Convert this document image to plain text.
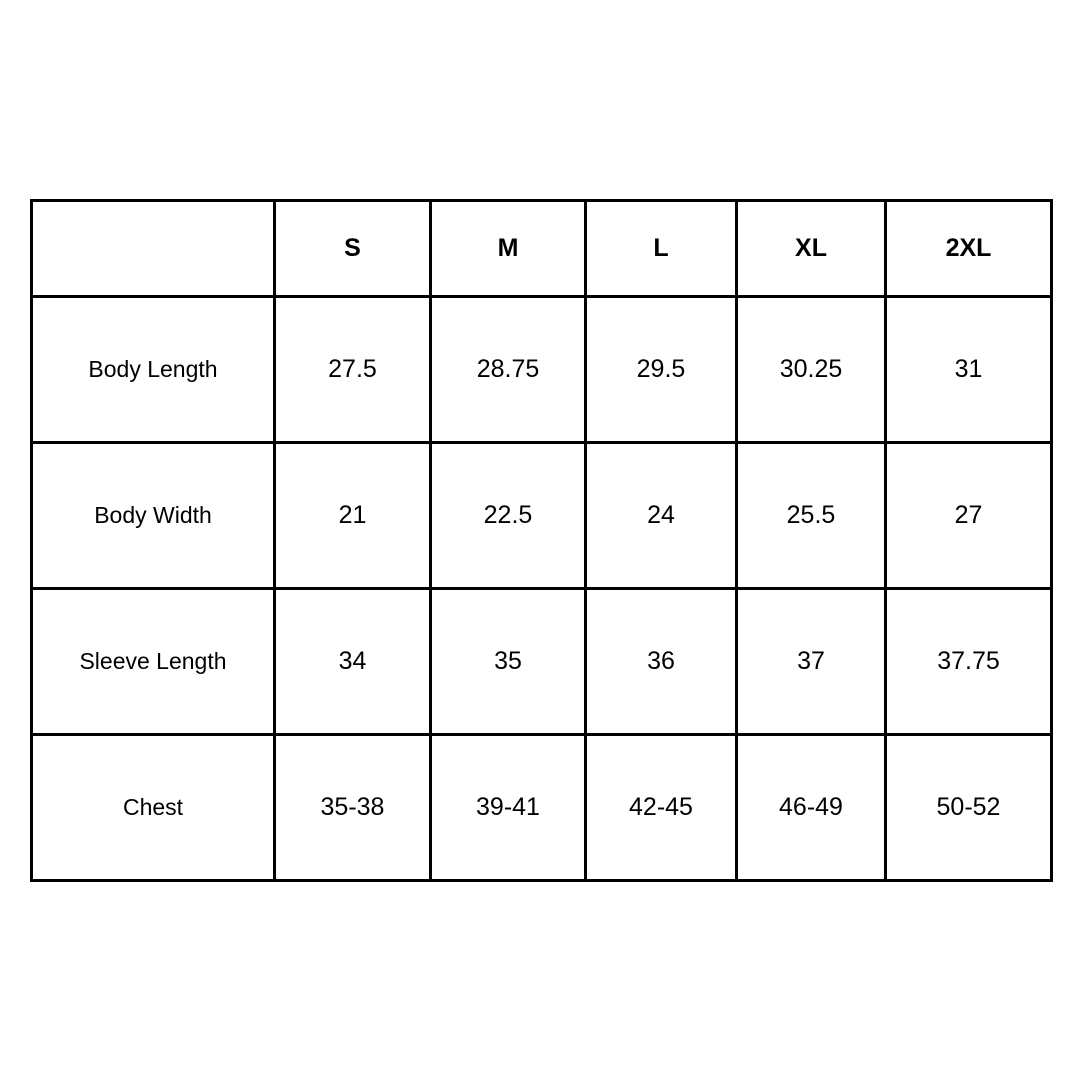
	S	M	L	XL	2XL
Body Length	27.5	28.75	29.5	30.25	31
Body Width	21	22.5	24	25.5	27
Sleeve Length	34	35	36	37	37.75
Chest	35-38	39-41	42-45	46-49	50-52
